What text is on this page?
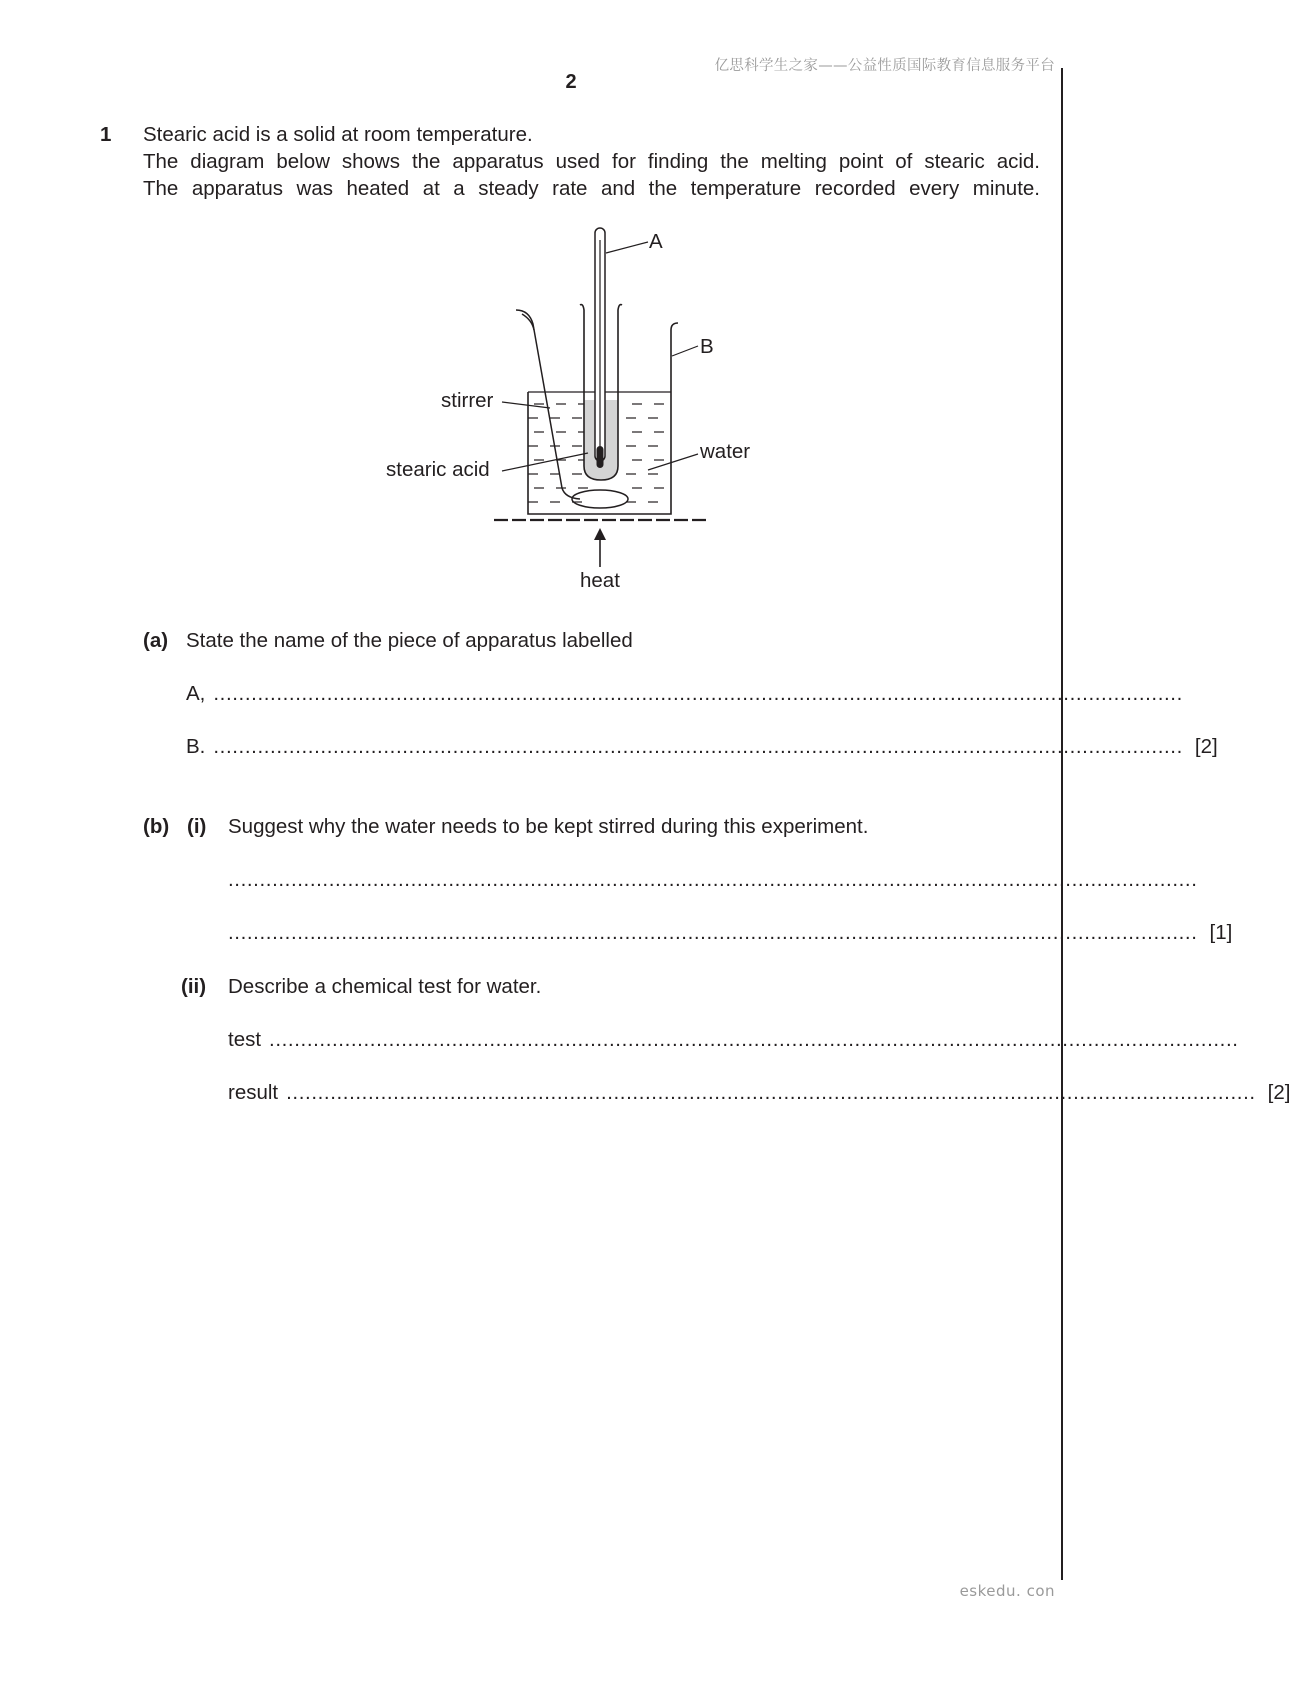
亿思科学生之家——公益性质国际教育信息服务平台
2
1 Stearic acid is a solid at room temperature.
The diagram below shows the apparatus used for finding the melting point of stearic acid.
The apparatus was heated at a steady rate and the temperature recorded every minute.
A
B
stirrer
stearic acid
water
heat
(a) State the name of the piece of apparatus labelled
A, ..........................................................................................................................................................
B. .......................................................................................................................................................... [2]
(b) (i) Suggest why the water needs to be kept stirred during this experiment.
..........................................................................................................................................................
.......................................................................................................................................................... [1]
(ii) Describe a chemical test for water.
test ..........................................................................................................................................................
result .......................................................................................................................................................... [2]
eskedu. con
